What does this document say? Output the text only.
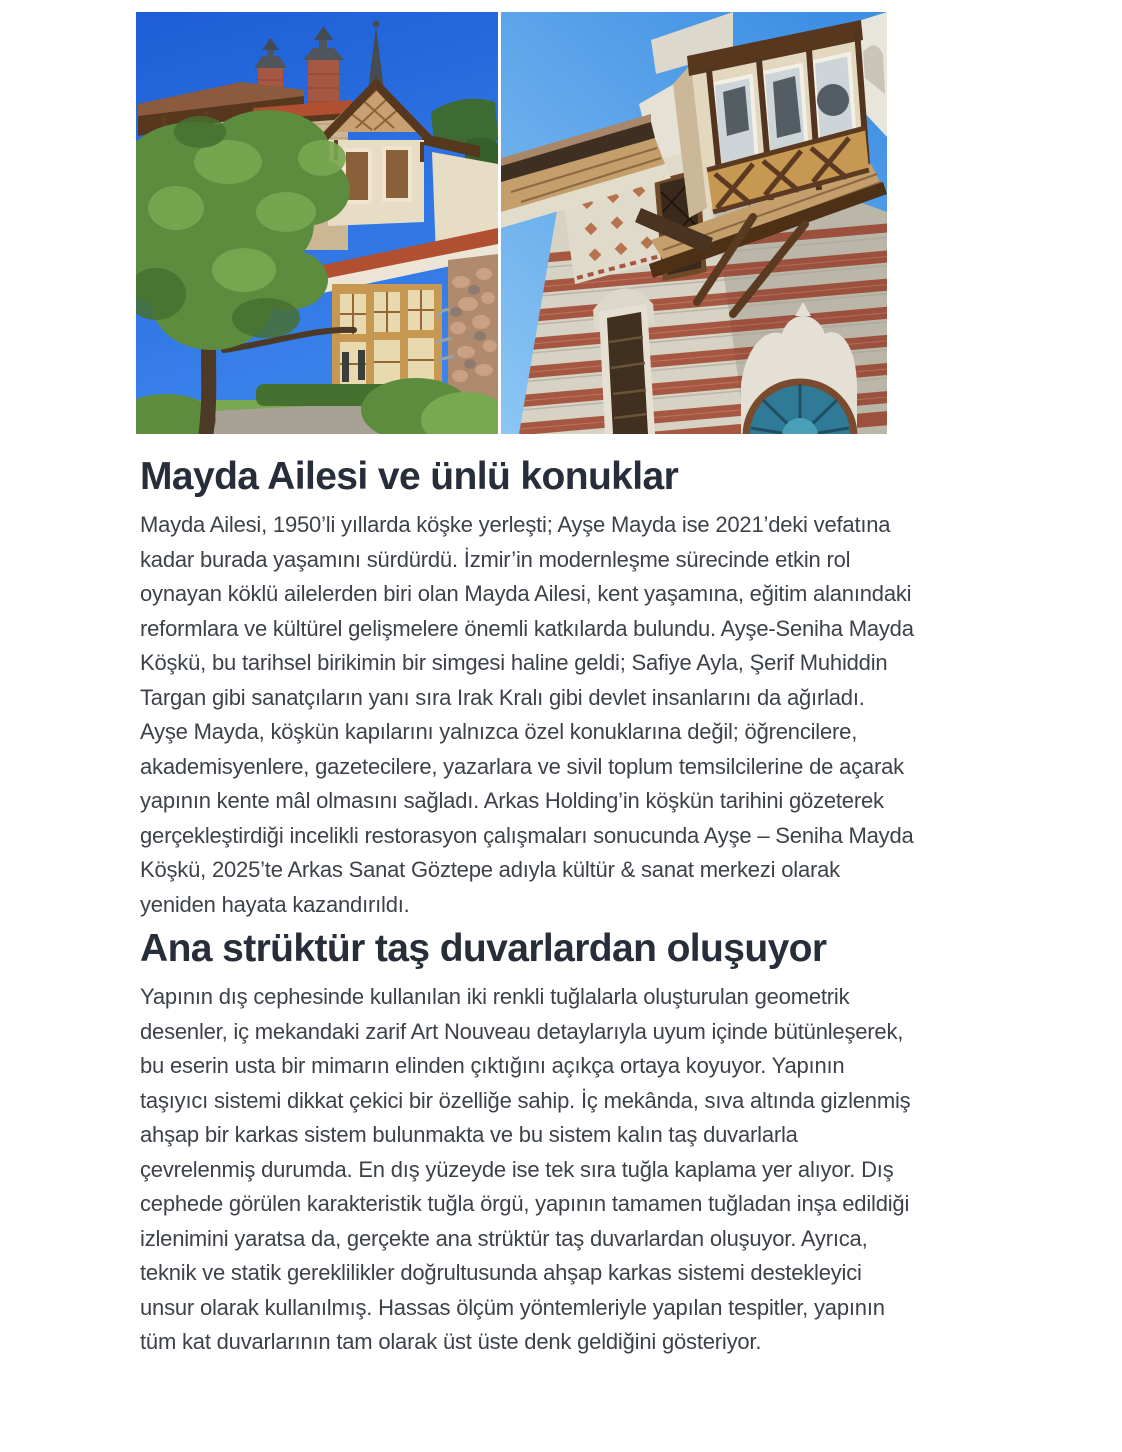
Mayda Ailesi ve ünlü konuklar

Mayda Ailesi, 1950’li yıllarda köşke yerleşti; Ayşe Mayda ise 2021’deki vefatına kadar burada yaşamını sürdürdü. İzmir’in modernleşme sürecinde etkin rol oynayan köklü ailelerden biri olan Mayda Ailesi, kent yaşamına, eğitim alanındaki reformlara ve kültürel gelişmelere önemli katkılarda bulundu. Ayşe-Seniha Mayda Köşkü, bu tarihsel birikimin bir simgesi haline geldi; Safiye Ayla, Şerif Muhiddin Targan gibi sanatçıların yanı sıra Irak Kralı gibi devlet insanlarını da ağırladı. Ayşe Mayda, köşkün kapılarını yalnızca özel konuklarına değil; öğrencilere, akademisyenlere, gazetecilere, yazarlara ve sivil toplum temsilcilerine de açarak yapının kente mâl olmasını sağladı. Arkas Holding’in köşkün tarihini gözeterek gerçekleştirdiği incelikli restorasyon çalışmaları sonucunda Ayşe – Seniha Mayda Köşkü, 2025’te Arkas Sanat Göztepe adıyla kültür & sanat merkezi olarak yeniden hayata kazandırıldı.

Ana strüktür taş duvarlardan oluşuyor

Yapının dış cephesinde kullanılan iki renkli tuğlalarla oluşturulan geometrik desenler, iç mekandaki zarif Art Nouveau detaylarıyla uyum içinde bütünleşerek, bu eserin usta bir mimarın elinden çıktığını açıkça ortaya koyuyor. Yapının taşıyıcı sistemi dikkat çekici bir özelliğe sahip. İç mekânda, sıva altında gizlenmiş ahşap bir karkas sistem bulunmakta ve bu sistem kalın taş duvarlarla çevrelenmiş durumda. En dış yüzeyde ise tek sıra tuğla kaplama yer alıyor. Dış cephede görülen karakteristik tuğla örgü, yapının tamamen tuğladan inşa edildiği izlenimini yaratsa da, gerçekte ana strüktür taş duvarlardan oluşuyor. Ayrıca, teknik ve statik gereklilikler doğrultusunda ahşap karkas sistemi destekleyici unsur olarak kullanılmış. Hassas ölçüm yöntemleriyle yapılan tespitler, yapının tüm kat duvarlarının tam olarak üst üste denk geldiğini gösteriyor.
